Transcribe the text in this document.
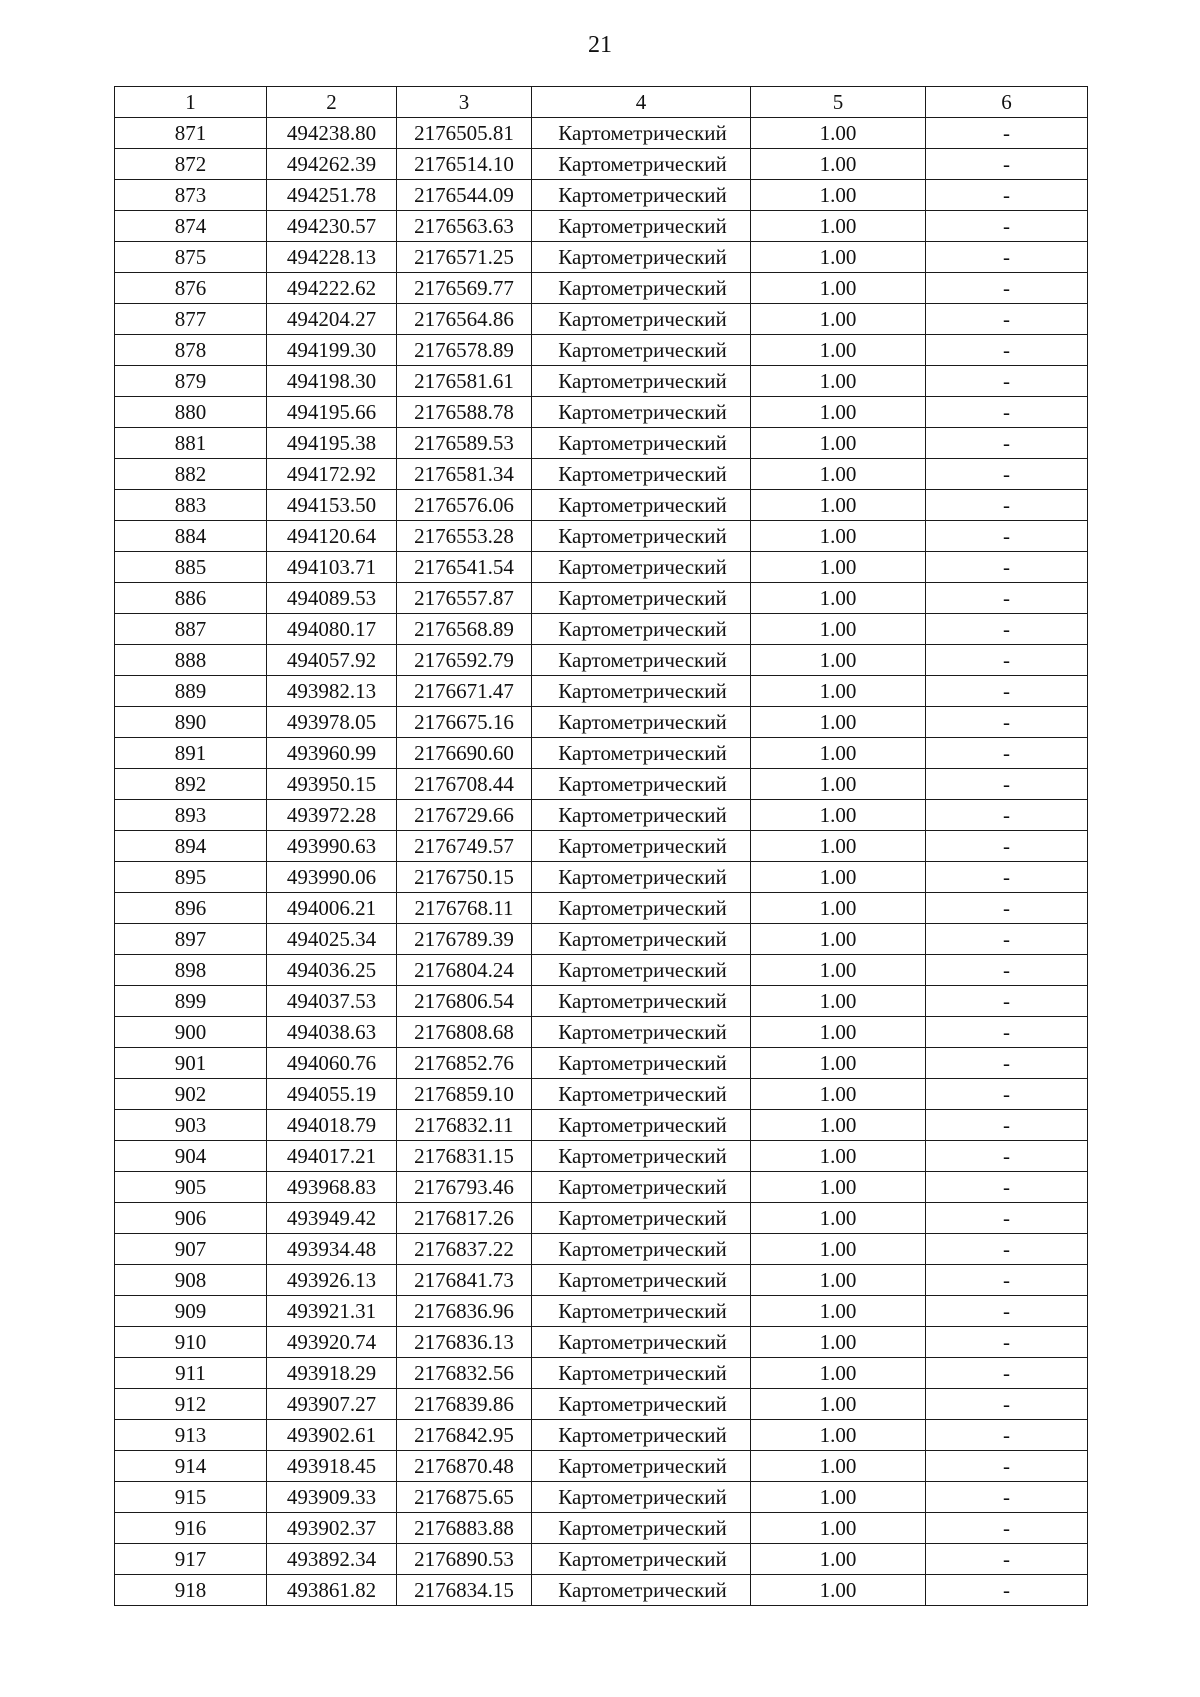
21
1	2	3	4	5	6
871	494238.80	2176505.81	Картометрический	1.00	-
872	494262.39	2176514.10	Картометрический	1.00	-
873	494251.78	2176544.09	Картометрический	1.00	-
874	494230.57	2176563.63	Картометрический	1.00	-
875	494228.13	2176571.25	Картометрический	1.00	-
876	494222.62	2176569.77	Картометрический	1.00	-
877	494204.27	2176564.86	Картометрический	1.00	-
878	494199.30	2176578.89	Картометрический	1.00	-
879	494198.30	2176581.61	Картометрический	1.00	-
880	494195.66	2176588.78	Картометрический	1.00	-
881	494195.38	2176589.53	Картометрический	1.00	-
882	494172.92	2176581.34	Картометрический	1.00	-
883	494153.50	2176576.06	Картометрический	1.00	-
884	494120.64	2176553.28	Картометрический	1.00	-
885	494103.71	2176541.54	Картометрический	1.00	-
886	494089.53	2176557.87	Картометрический	1.00	-
887	494080.17	2176568.89	Картометрический	1.00	-
888	494057.92	2176592.79	Картометрический	1.00	-
889	493982.13	2176671.47	Картометрический	1.00	-
890	493978.05	2176675.16	Картометрический	1.00	-
891	493960.99	2176690.60	Картометрический	1.00	-
892	493950.15	2176708.44	Картометрический	1.00	-
893	493972.28	2176729.66	Картометрический	1.00	-
894	493990.63	2176749.57	Картометрический	1.00	-
895	493990.06	2176750.15	Картометрический	1.00	-
896	494006.21	2176768.11	Картометрический	1.00	-
897	494025.34	2176789.39	Картометрический	1.00	-
898	494036.25	2176804.24	Картометрический	1.00	-
899	494037.53	2176806.54	Картометрический	1.00	-
900	494038.63	2176808.68	Картометрический	1.00	-
901	494060.76	2176852.76	Картометрический	1.00	-
902	494055.19	2176859.10	Картометрический	1.00	-
903	494018.79	2176832.11	Картометрический	1.00	-
904	494017.21	2176831.15	Картометрический	1.00	-
905	493968.83	2176793.46	Картометрический	1.00	-
906	493949.42	2176817.26	Картометрический	1.00	-
907	493934.48	2176837.22	Картометрический	1.00	-
908	493926.13	2176841.73	Картометрический	1.00	-
909	493921.31	2176836.96	Картометрический	1.00	-
910	493920.74	2176836.13	Картометрический	1.00	-
911	493918.29	2176832.56	Картометрический	1.00	-
912	493907.27	2176839.86	Картометрический	1.00	-
913	493902.61	2176842.95	Картометрический	1.00	-
914	493918.45	2176870.48	Картометрический	1.00	-
915	493909.33	2176875.65	Картометрический	1.00	-
916	493902.37	2176883.88	Картометрический	1.00	-
917	493892.34	2176890.53	Картометрический	1.00	-
918	493861.82	2176834.15	Картометрический	1.00	-
